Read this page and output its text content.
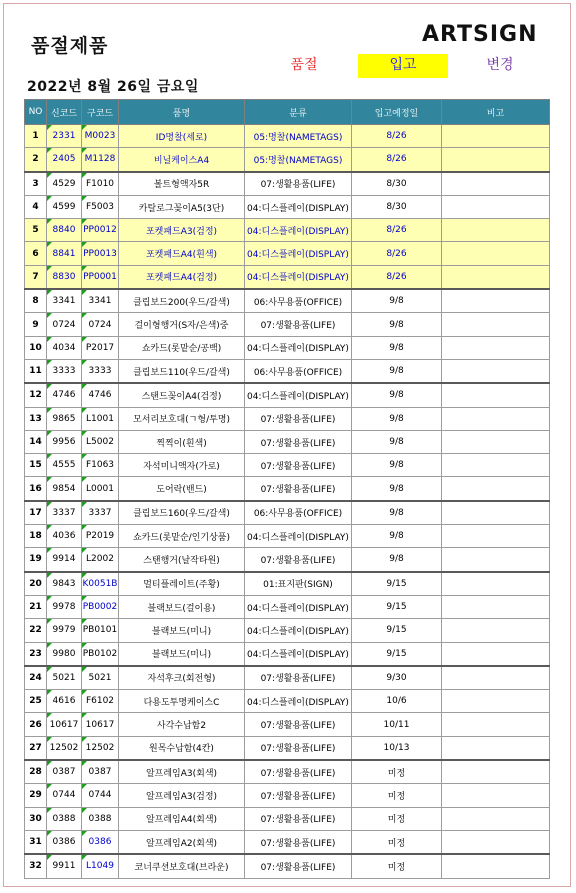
품절제품	ARTSIGN
품절	입고	변경
2022년 8월 26일 금요일
NO	신코드	구코드	품명	분류	입고예정일	비고
1	2331	M0023	ID명찰(세로)	05:명찰(NAMETAGS)	8/26	
2	2405	M1128	비닐케이스A4	05:명찰(NAMETAGS)	8/26	
3	4529	F1010	볼트형액자5R	07:생활용품(LIFE)	8/30	
4	4599	F5003	카탈로그꽂이A5(3단)	04:디스플레이(DISPLAY)	8/30	
5	8840	PP0012	포켓패드A3(검정)	04:디스플레이(DISPLAY)	8/26	
6	8841	PP0013	포켓패드A4(흰색)	04:디스플레이(DISPLAY)	8/26	
7	8830	PP0001	포켓패드A4(검정)	04:디스플레이(DISPLAY)	8/26	
8	3341	3341	클립보드200(우드/갈색)	06:사무용품(OFFICE)	9/8	
9	0724	0724	걸이형행거(S자/은색)중	07:생활용품(LIFE)	9/8	
10	4034	P2017	쇼카드(롯맡순/공백)	04:디스플레이(DISPLAY)	9/8	
11	3333	3333	클립보드110(우드/갈색)	06:사무용품(OFFICE)	9/8	
12	4746	4746	스탠드꽂이A4(검정)	04:디스플레이(DISPLAY)	9/8	
13	9865	L1001	모서리보호대(ㄱ형/투명)	07:생활용품(LIFE)	9/8	
14	9956	L5002	찍찍이(흰색)	07:생활용품(LIFE)	9/8	
15	4555	F1063	자석미니액자(가로)	07:생활용품(LIFE)	9/8	
16	9854	L0001	도어락(밴드)	07:생활용품(LIFE)	9/8	
17	3337	3337	클립보드160(우드/갈색)	06:사무용품(OFFICE)	9/8	
18	4036	P2019	쇼카드(롯맡순/인기상품)	04:디스플레이(DISPLAY)	9/8	
19	9914	L2002	스탠행거(날작타원)	07:생활용품(LIFE)	9/8	
20	9843	K0051B	멀티플레이트(주황)	01:표지판(SIGN)	9/15	
21	9978	PB0002	블랙보드(걸이용)	04:디스플레이(DISPLAY)	9/15	
22	9979	PB0101	블랙보드(미니)	04:디스플레이(DISPLAY)	9/15	
23	9980	PB0102	블랙보드(미니)	04:디스플레이(DISPLAY)	9/15	
24	5021	5021	자석후크(회전형)	07:생활용품(LIFE)	9/30	
25	4616	F6102	다용도투명케이스C	04:디스플레이(DISPLAY)	10/6	
26	10617	10617	사각수납함2	07:생활용품(LIFE)	10/11	
27	12502	12502	원목수납함(4칸)	07:생활용품(LIFE)	10/13	
28	0387	0387	알프레임A3(회색)	07:생활용품(LIFE)	미정	
29	0744	0744	알프레임A3(검정)	07:생활용품(LIFE)	미정	
30	0388	0388	알프레임A4(회색)	07:생활용품(LIFE)	미정	
31	0386	0386	알프레임A2(회색)	07:생활용품(LIFE)	미정	
32	9911	L1049	코너쿠션보호대(브라운)	07:생활용품(LIFE)	미정	
